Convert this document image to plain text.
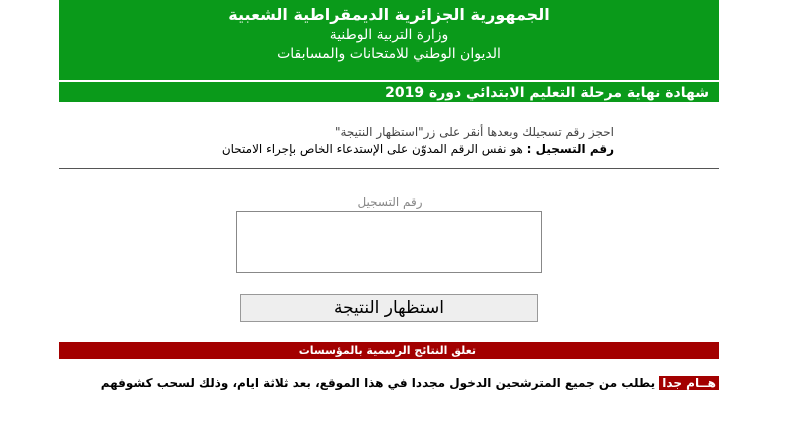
الجمهورية الجزائرية الديمقراطية الشعبية
وزارة التربية الوطنية
الديوان الوطني للامتحانات والمسابقات
شهادة نهاية مرحلة التعليم الابتدائي دورة 2019
احجز رقم تسجيلك وبعدها أنقر على زر"استظهار النتيجة"
رقم التسجيل : هو نفس الرقم المدوّن على الإستدعاء الخاص بإجراء الامتحان
رقم التسجيل
استظهار النتيجة
تعلق النتائج الرسمية بالمؤسسات
هــام جدا يطلب من جميع المترشحين الدخول مجددا في هذا الموقع، بعد ثلاثة ايام، وذلك لسحب كشوفهم
